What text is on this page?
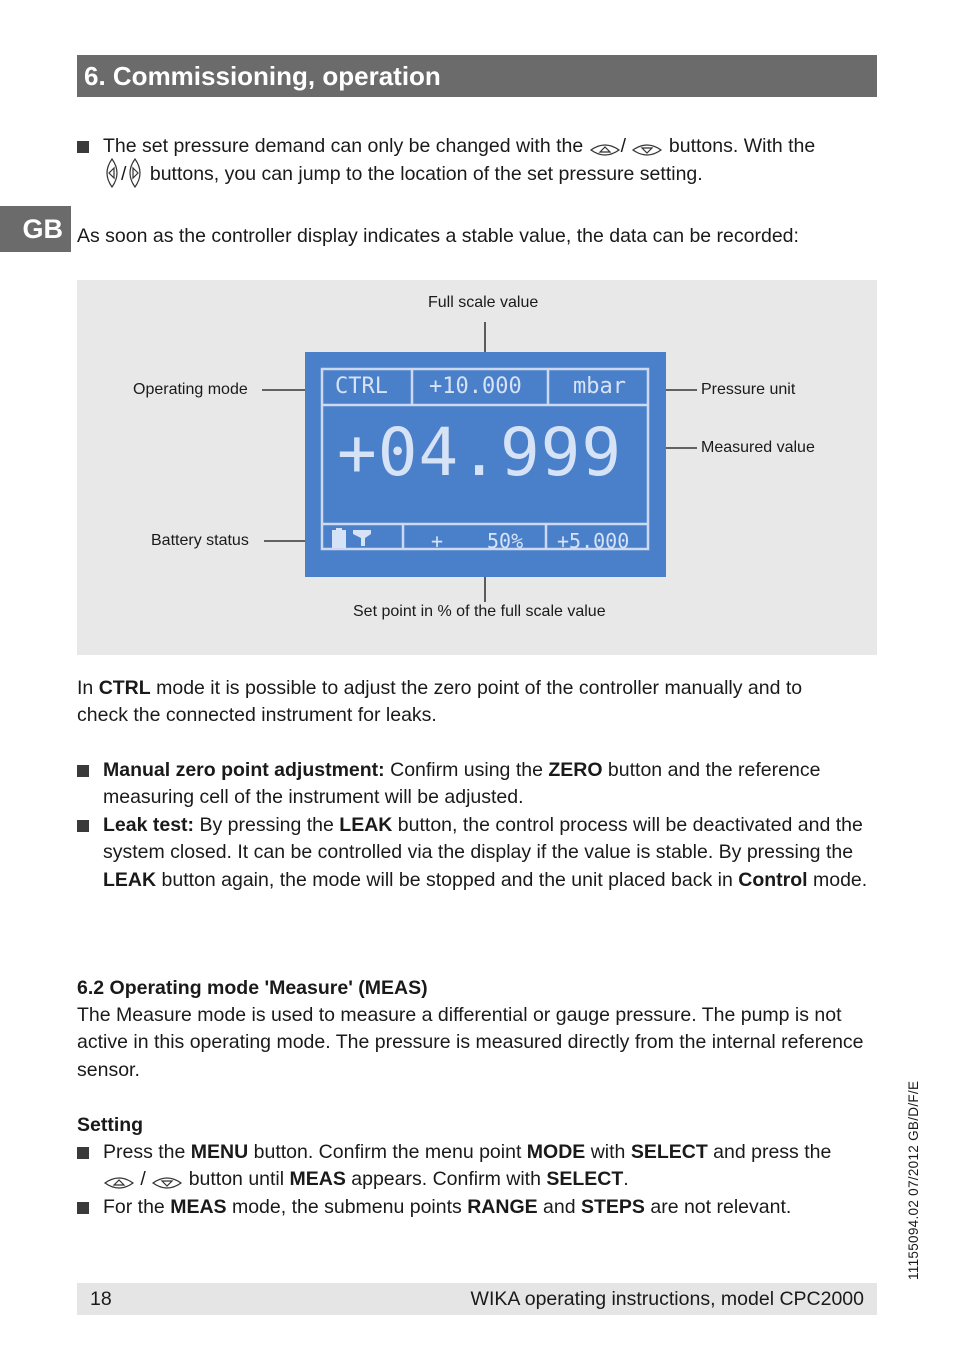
6. Commissioning, operation
GB
The set pressure demand can only be changed with the / buttons. With the
/ buttons, you can jump to the location of the set pressure setting.
As soon as the controller display indicates a stable value, the data can be recorded:
Full scale value
Operating mode	Pressure unit
Measured value
Battery status
Set point in % of the full scale value
CTRL +10.000 mbar
+04.999
+ 50% +5.000
In CTRL mode it is possible to adjust the zero point of the controller manually and to check the connected instrument for leaks.
Manual zero point adjustment: Confirm using the ZERO button and the reference measuring cell of the instrument will be adjusted.
Leak test: By pressing the LEAK button, the control process will be deactivated and the system closed. It can be controlled via the display if the value is stable. By pressing the LEAK button again, the mode will be stopped and the unit placed back in Control mode.
6.2 Operating mode 'Measure' (MEAS)
The Measure mode is used to measure a differential or gauge pressure. The pump is not active in this operating mode. The pressure is measured directly from the internal reference sensor.
Setting
Press the MENU button. Confirm the menu point MODE with SELECT and press the
/ button until MEAS appears. Confirm with SELECT.
For the MEAS mode, the submenu points RANGE and STEPS are not relevant.	11155094.02 07/2012 GB/D/F/E
18	WIKA operating instructions, model CPC2000
